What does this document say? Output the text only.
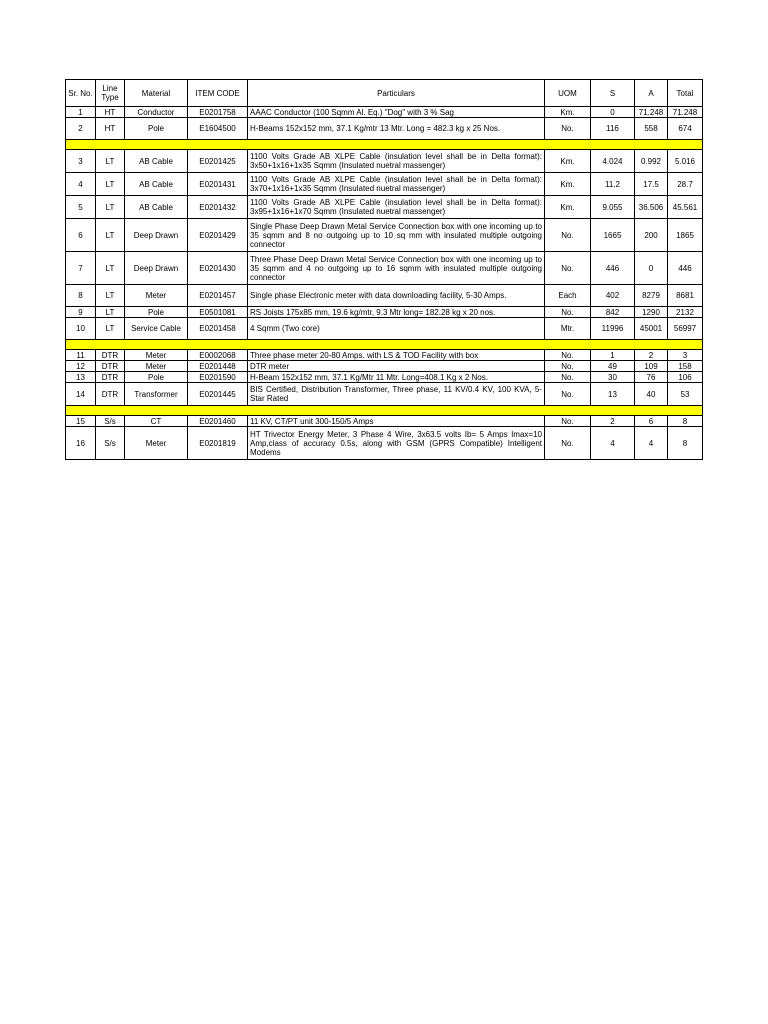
Sr. No.	Line Type	Material	ITEM CODE	Particulars	UOM	S	A	Total
1	HT	Conductor	E0201758	AAAC Conductor (100 Sqmm Al. Eq.) "Dog" with 3 % Sag	Km.	0	71.248	71.248
2	HT	Pole	E1604500	H-Beams 152x152 mm, 37.1 Kg/mtr 13 Mtr. Long = 482.3 kg x 25 Nos.	No.	116	558	674

3	LT	AB Cable	E0201425	1100 Volts Grade AB XLPE Cable (insulation level shall be in Delta format): 3x50+1x16+1x35 Sqmm (Insulated nuetral massenger)	Km.	4.024	0.992	5.016
4	LT	AB Cable	E0201431	1100 Volts Grade AB XLPE Cable (insulation level shall be in Delta format): 3x70+1x16+1x35 Sqmm (Insulated nuetral massenger)	Km.	11.2	17.5	28.7
5	LT	AB Cable	E0201432	1100 Volts Grade AB XLPE Cable (insulation level shall be in Delta format): 3x95+1x16+1x70 Sqmm (Insulated nuetral massenger)	Km.	9.055	36.506	45.561
6	LT	Deep Drawn	E0201429	Single Phase Deep Drawn Metal Service Connection box with one incoming up to 35 sqmm and 8 no outgoing up to 10 sq mm with insulated multiple outgoing connector	No.	1665	200	1865
7	LT	Deep Drawn	E0201430	Three Phase Deep Drawn Metal Service Connection box with one incoming up to 35 sqmm and 4 no outgoing up to 16 sqmm with insulated multiple outgoing connector	No.	446	0	446
8	LT	Meter	E0201457	Single phase Electronic meter with data downloading facility, 5-30 Amps.	Each	402	8279	8681
9	LT	Pole	E0501081	RS Joists 175x85 mm, 19.6 kg/mtr, 9.3 Mtr long= 182.28 kg x 20 nos.	No.	842	1290	2132
10	LT	Service Cable	E0201458	4 Sqmm (Two core)	Mtr.	11996	45001	56997

11	DTR	Meter	E0002068	Three phase meter 20-80 Amps. with LS & TOD Facility with box	No.	1	2	3
12	DTR	Meter	E0201448	DTR meter	No.	49	109	158
13	DTR	Pole	E0201590	H-Beam 152x152 mm, 37.1 Kg/Mtr 11 Mtr. Long=408.1 Kg x 2 Nos.	No.	30	76	106
14	DTR	Transformer	E0201445	BIS Certified, Distribution Transformer, Three phase, 11 KV/0.4 KV, 100 KVA, 5-Star Rated	No.	13	40	53

15	S/s	CT	E0201460	11 KV, CT/PT unit 300-150/5 Amps	No.	2	6	8
16	S/s	Meter	E0201819	HT Trivector Energy Meter, 3 Phase 4 Wire, 3x63.5 volts Ib= 5 Amps Imax=10 Amp,class of accuracy 0.5s, along with GSM (GPRS Compatible) Intelligent Modems	No.	4	4	8
